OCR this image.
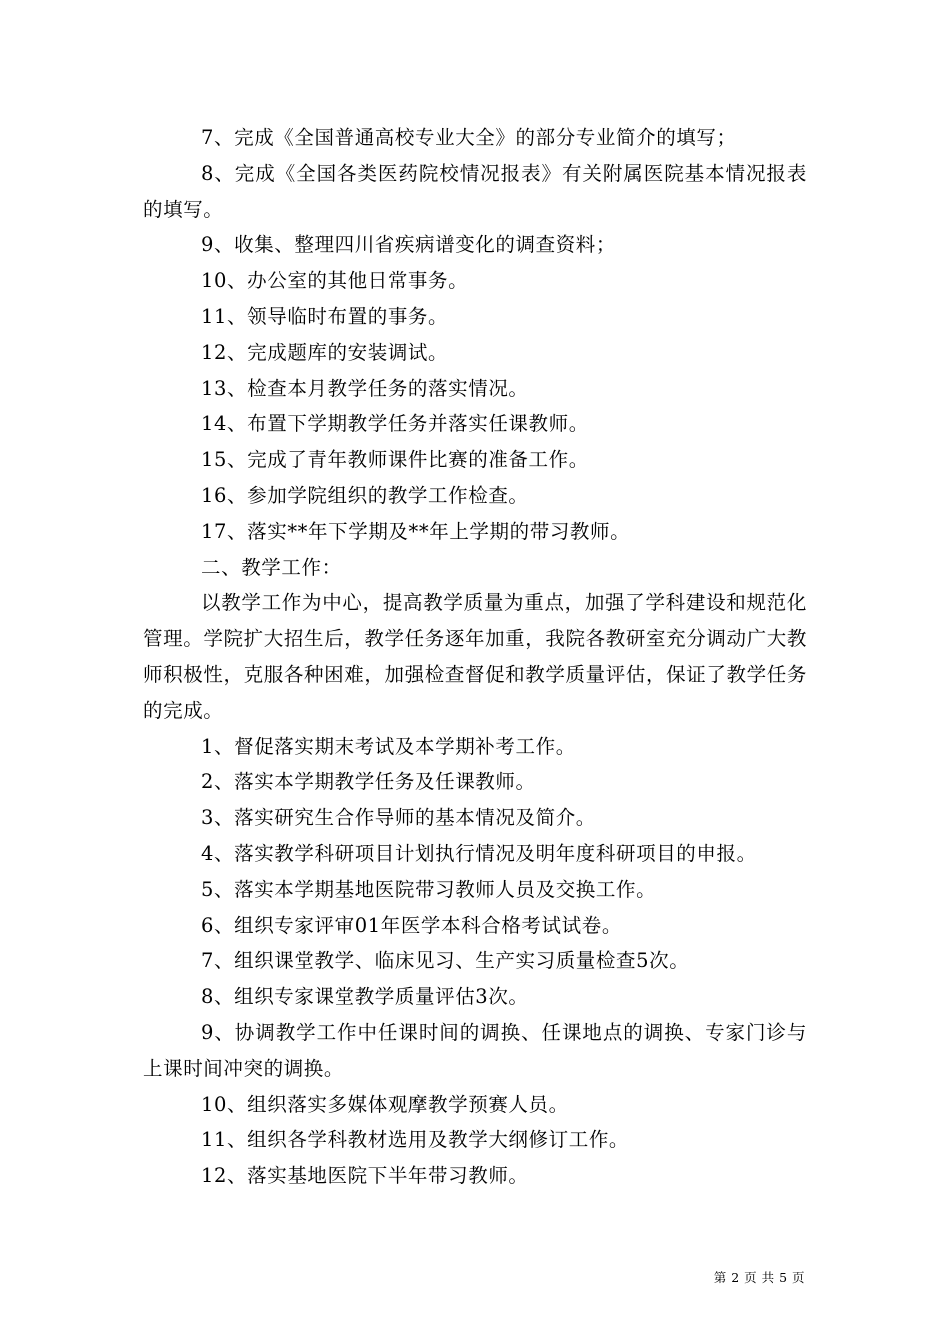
7、完成《全国普通高校专业大全》的部分专业简介的填写；

8、完成《全国各类医药院校情况报表》有关附属医院基本情况报表的填写。

9、收集、整理四川省疾病谱变化的调查资料；

10、办公室的其他日常事务。

11、领导临时布置的事务。

12、完成题库的安装调试。

13、检查本月教学任务的落实情况。

14、布置下学期教学任务并落实任课教师。

15、完成了青年教师课件比赛的准备工作。

16、参加学院组织的教学工作检查。

17、落实**年下学期及**年上学期的带习教师。

二、教学工作：

以教学工作为中心，提高教学质量为重点，加强了学科建设和规范化管理。学院扩大招生后，教学任务逐年加重，我院各教研室充分调动广大教师积极性，克服各种困难，加强检查督促和教学质量评估，保证了教学任务的完成。

1、督促落实期末考试及本学期补考工作。

2、落实本学期教学任务及任课教师。

3、落实研究生合作导师的基本情况及简介。

4、落实教学科研项目计划执行情况及明年度科研项目的申报。

5、落实本学期基地医院带习教师人员及交换工作。

6、组织专家评审01年医学本科合格考试试卷。

7、组织课堂教学、临床见习、生产实习质量检查5次。

8、组织专家课堂教学质量评估3次。

9、协调教学工作中任课时间的调换、任课地点的调换、专家门诊与上课时间冲突的调换。

10、组织落实多媒体观摩教学预赛人员。

11、组织各学科教材选用及教学大纲修订工作。

12、落实基地医院下半年带习教师。

第 2 页 共 5 页
